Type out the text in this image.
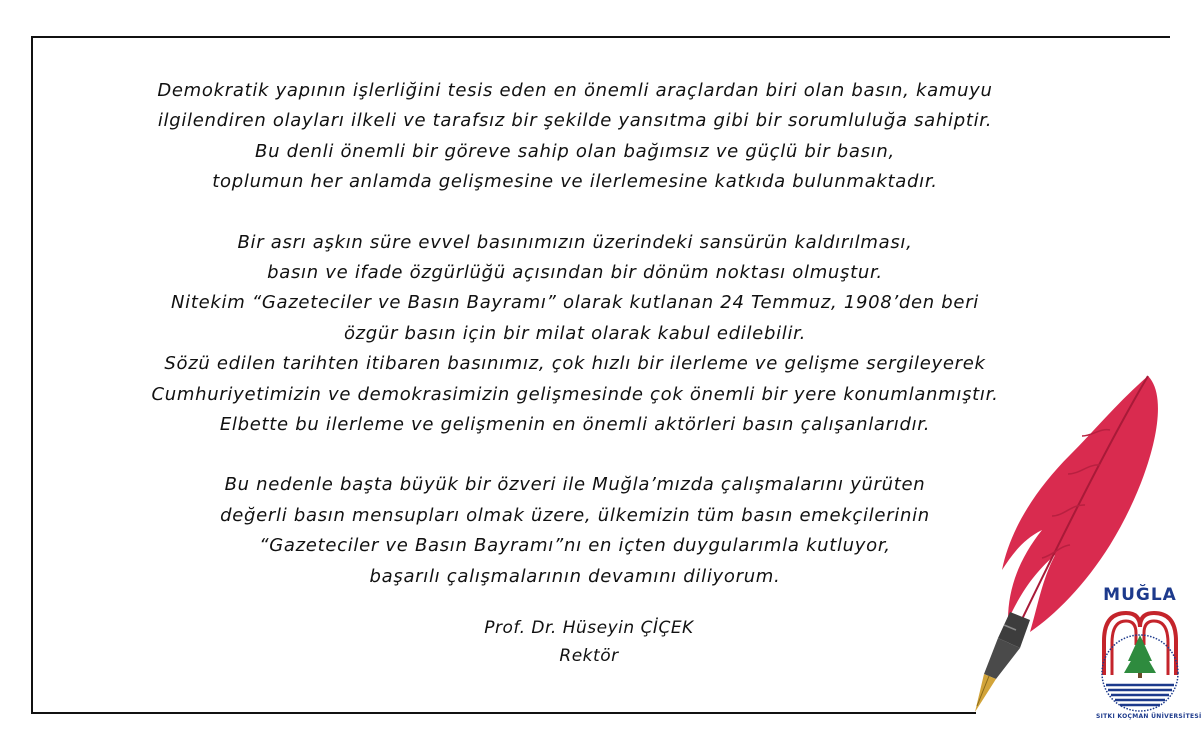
Demokratik yapının işlerliğini tesis eden en önemli araçlardan biri olan basın, kamuyu
ilgilendiren olayları ilkeli ve tarafsız bir şekilde yansıtma gibi bir sorumluluğa sahiptir.
Bu denli önemli bir göreve sahip olan bağımsız ve güçlü bir basın,
toplumun her anlamda gelişmesine ve ilerlemesine katkıda bulunmaktadır.

Bir asrı aşkın süre evvel basınımızın üzerindeki sansürün kaldırılması,
basın ve ifade özgürlüğü açısından bir dönüm noktası olmuştur.
Nitekim “Gazeteciler ve Basın Bayramı” olarak kutlanan 24 Temmuz, 1908’den beri
özgür basın için bir milat olarak kabul edilebilir.
Sözü edilen tarihten itibaren basınımız, çok hızlı bir ilerleme ve gelişme sergileyerek
Cumhuriyetimizin ve demokrasimizin gelişmesinde çok önemli bir yere konumlanmıştır.
Elbette bu ilerleme ve gelişmenin en önemli aktörleri basın çalışanlarıdır.

Bu nedenle başta büyük bir özveri ile Muğla’mızda çalışmalarını yürüten
değerli basın mensupları olmak üzere, ülkemizin tüm basın emekçilerinin
“Gazeteciler ve Basın Bayramı”nı en içten duygularımla kutluyor,
başarılı çalışmalarının devamını diliyorum.

Prof. Dr. Hüseyin ÇİÇEK
Rektör
MUĞLA
SITKI KOÇMAN ÜNİVERSİTESİ
